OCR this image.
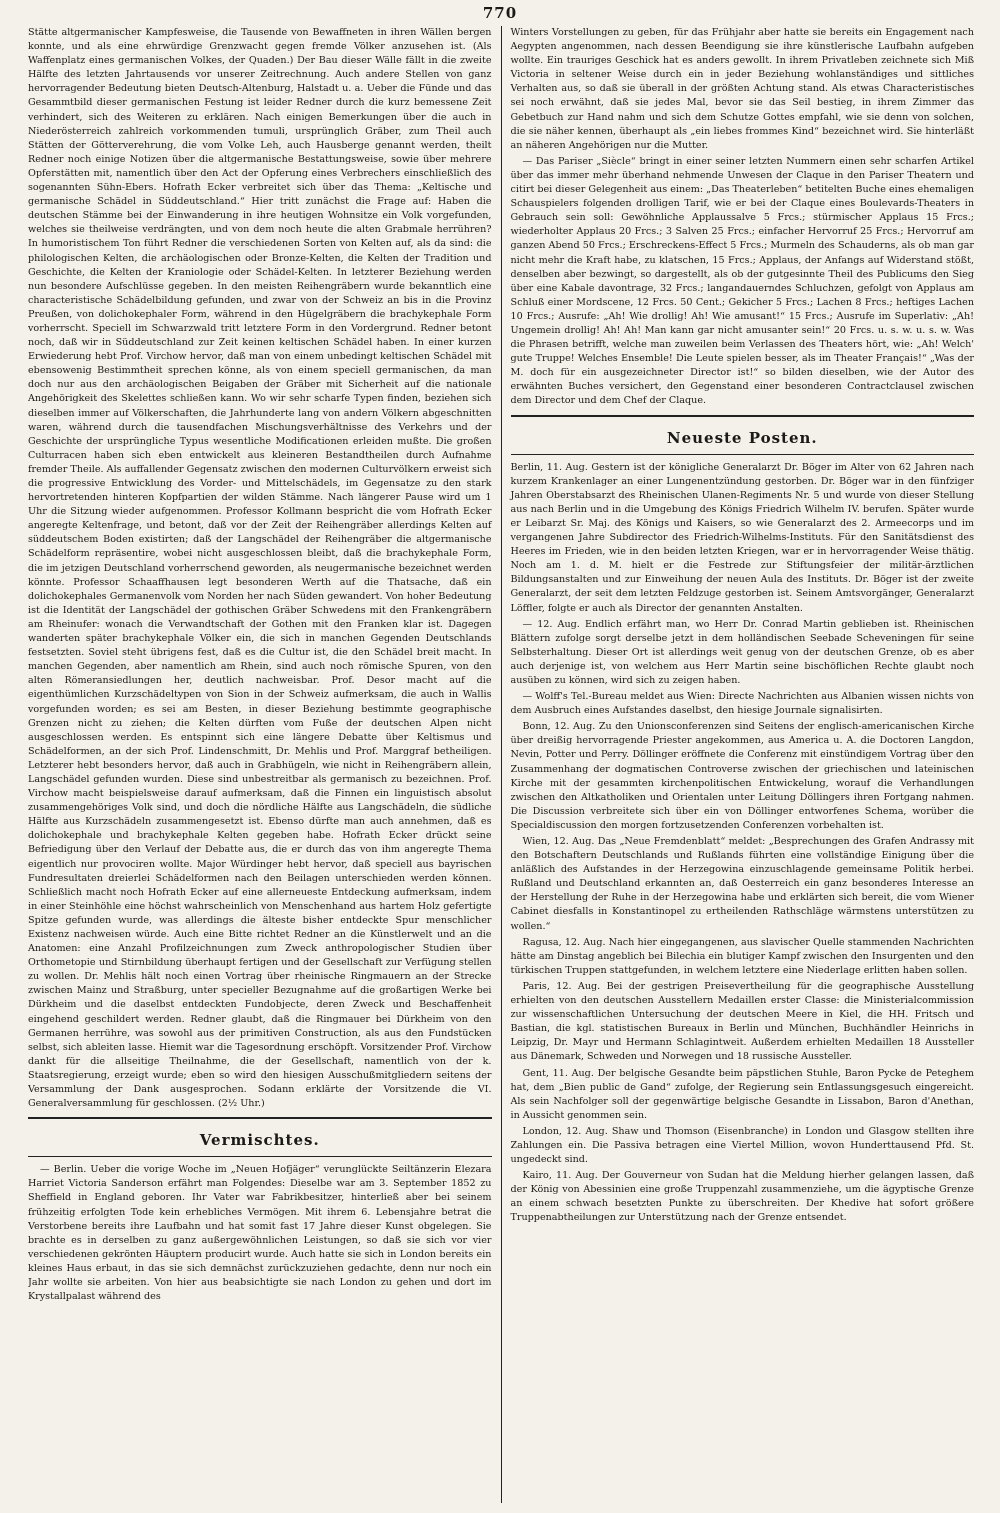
770

Stätte altgermanischer Kampfesweise, die Tausende von Bewaffneten in ihren Wällen bergen konnte, und als eine ehrwürdige Grenzwacht gegen fremde Völker anzusehen ist. (Als Waffenplatz eines germanischen Volkes, der Quaden.) Der Bau dieser Wälle fällt in die zweite Hälfte des letzten Jahrtausends vor unserer Zeitrechnung. Auch andere Stellen von ganz hervorragender Bedeutung bieten Deutsch-Altenburg, Halstadt u. a. Ueber die Fünde und das Gesammtbild dieser germanischen Festung ist leider Redner durch die kurz bemessene Zeit verhindert, sich des Weiteren zu erklären. Nach einigen Bemerkungen über die auch in Niederösterreich zahlreich vorkommenden tumuli, ursprünglich Gräber, zum Theil auch Stätten der Götterverehrung, die vom Volke Leh, auch Hausberge genannt werden, theilt Redner noch einige Notizen über die altgermanische Bestattungsweise, sowie über mehrere Opferstätten mit, namentlich über den Act der Opferung eines Verbrechers einschließlich des sogenannten Sühn-Ebers. Hofrath Ecker verbreitet sich über das Thema: „Keltische und germanische Schädel in Süddeutschland.“ Hier tritt zunächst die Frage auf: Haben die deutschen Stämme bei der Einwanderung in ihre heutigen Wohnsitze ein Volk vorgefunden, welches sie theilweise verdrängten, und von dem noch heute die alten Grabmale herrühren? In humoristischem Ton führt Redner die verschiedenen Sorten von Kelten auf, als da sind: die philologischen Kelten, die archäologischen oder Bronze-Kelten, die Kelten der Tradition und Geschichte, die Kelten der Kraniologie oder Schädel-Kelten. In letzterer Beziehung werden nun besondere Aufschlüsse gegeben. In den meisten Reihengräbern wurde bekanntlich eine characteristische Schädelbildung gefunden, und zwar von der Schweiz an bis in die Provinz Preußen, von dolichokephaler Form, während in den Hügelgräbern die brachykephale Form vorherrscht. Speciell im Schwarzwald tritt letztere Form in den Vordergrund. Redner betont noch, daß wir in Süddeutschland zur Zeit keinen keltischen Schädel haben. In einer kurzen Erwiederung hebt Prof. Virchow hervor, daß man von einem unbedingt keltischen Schädel mit ebensowenig Bestimmtheit sprechen könne, als von einem speciell germanischen, da man doch nur aus den archäologischen Beigaben der Gräber mit Sicherheit auf die nationale Angehörigkeit des Skelettes schließen kann. Wo wir sehr scharfe Typen finden, beziehen sich dieselben immer auf Völkerschaften, die Jahrhunderte lang von andern Völkern abgeschnitten waren, während durch die tausendfachen Mischungsverhältnisse des Verkehrs und der Geschichte der ursprüngliche Typus wesentliche Modificationen erleiden mußte. Die großen Culturracen haben sich eben entwickelt aus kleineren Bestandtheilen durch Aufnahme fremder Theile. Als auffallender Gegensatz zwischen den modernen Culturvölkern erweist sich die progressive Entwicklung des Vorder- und Mittelschädels, im Gegensatze zu den stark hervortretenden hinteren Kopfpartien der wilden Stämme. Nach längerer Pause wird um 1 Uhr die Sitzung wieder aufgenommen. Professor Kollmann bespricht die vom Hofrath Ecker angeregte Keltenfrage, und betont, daß vor der Zeit der Reihengräber allerdings Kelten auf süddeutschem Boden existirten; daß der Langschädel der Reihengräber die altgermanische Schädelform repräsentire, wobei nicht ausgeschlossen bleibt, daß die brachykephale Form, die im jetzigen Deutschland vorherrschend geworden, als neugermanische bezeichnet werden könnte. Professor Schaaffhausen legt besonderen Werth auf die Thatsache, daß ein dolichokephales Germanenvolk vom Norden her nach Süden gewandert. Von hoher Bedeutung ist die Identität der Langschädel der gothischen Gräber Schwedens mit den Frankengräbern am Rheinufer: wonach die Verwandtschaft der Gothen mit den Franken klar ist. Dagegen wanderten später brachykephale Völker ein, die sich in manchen Gegenden Deutschlands festsetzten. Soviel steht übrigens fest, daß es die Cultur ist, die den Schädel breit macht. In manchen Gegenden, aber namentlich am Rhein, sind auch noch römische Spuren, von den alten Römeransiedlungen her, deutlich nachweisbar. Prof. Desor macht auf die eigenthümlichen Kurzschädeltypen von Sion in der Schweiz aufmerksam, die auch in Wallis vorgefunden worden; es sei am Besten, in dieser Beziehung bestimmte geographische Grenzen nicht zu ziehen; die Kelten dürften vom Fuße der deutschen Alpen nicht ausgeschlossen werden. Es entspinnt sich eine längere Debatte über Keltismus und Schädelformen, an der sich Prof. Lindenschmitt, Dr. Mehlis und Prof. Marggraf betheiligen. Letzterer hebt besonders hervor, daß auch in Grabhügeln, wie nicht in Reihengräbern allein, Langschädel gefunden wurden. Diese sind unbestreitbar als germanisch zu bezeichnen. Prof. Virchow macht beispielsweise darauf aufmerksam, daß die Finnen ein linguistisch absolut zusammengehöriges Volk sind, und doch die nördliche Hälfte aus Langschädeln, die südliche Hälfte aus Kurzschädeln zusammengesetzt ist. Ebenso dürfte man auch annehmen, daß es dolichokephale und brachykephale Kelten gegeben habe. Hofrath Ecker drückt seine Befriedigung über den Verlauf der Debatte aus, die er durch das von ihm angeregte Thema eigentlich nur provociren wollte. Major Würdinger hebt hervor, daß speciell aus bayrischen Fundresultaten dreierlei Schädelformen nach den Beilagen unterschieden werden können. Schließlich macht noch Hofrath Ecker auf eine allerneueste Entdeckung aufmerksam, indem in einer Steinhöhle eine höchst wahrscheinlich von Menschenhand aus hartem Holz gefertigte Spitze gefunden wurde, was allerdings die älteste bisher entdeckte Spur menschlicher Existenz nachweisen würde. Auch eine Bitte richtet Redner an die Künstlerwelt und an die Anatomen: eine Anzahl Profilzeichnungen zum Zweck anthropologischer Studien über Orthometopie und Stirnbildung überhaupt fertigen und der Gesellschaft zur Verfügung stellen zu wollen. Dr. Mehlis hält noch einen Vortrag über rheinische Ringmauern an der Strecke zwischen Mainz und Straßburg, unter specieller Bezugnahme auf die großartigen Werke bei Dürkheim und die daselbst entdeckten Fundobjecte, deren Zweck und Beschaffenheit eingehend geschildert werden. Redner glaubt, daß die Ringmauer bei Dürkheim von den Germanen herrühre, was sowohl aus der primitiven Construction, als aus den Fundstücken selbst, sich ableiten lasse. Hiemit war die Tagesordnung erschöpft. Vorsitzender Prof. Virchow dankt für die allseitige Theilnahme, die der Gesellschaft, namentlich von der k. Staatsregierung, erzeigt wurde; eben so wird den hiesigen Ausschußmitgliedern seitens der Versammlung der Dank ausgesprochen. Sodann erklärte der Vorsitzende die VI. Generalversammlung für geschlossen. (2½ Uhr.)

Vermischtes.

— Berlin. Ueber die vorige Woche im „Neuen Hofjäger“ verunglückte Seiltänzerin Elezara Harriet Victoria Sanderson erfährt man Folgendes: Dieselbe war am 3. September 1852 zu Sheffield in England geboren. Ihr Vater war Fabrikbesitzer, hinterließ aber bei seinem frühzeitig erfolgten Tode kein erhebliches Vermögen. Mit ihrem 6. Lebensjahre betrat die Verstorbene bereits ihre Laufbahn und hat somit fast 17 Jahre dieser Kunst obgelegen. Sie brachte es in derselben zu ganz außergewöhnlichen Leistungen, so daß sie sich vor vier verschiedenen gekrönten Häuptern producirt wurde. Auch hatte sie sich in London bereits ein kleines Haus erbaut, in das sie sich demnächst zurückzuziehen gedachte, denn nur noch ein Jahr wollte sie arbeiten. Von hier aus beabsichtigte sie nach London zu gehen und dort im Krystallpalast während des

Winters Vorstellungen zu geben, für das Frühjahr aber hatte sie bereits ein Engagement nach Aegypten angenommen, nach dessen Beendigung sie ihre künstlerische Laufbahn aufgeben wollte. Ein trauriges Geschick hat es anders gewollt. In ihrem Privatleben zeichnete sich Miß Victoria in seltener Weise durch ein in jeder Beziehung wohlanständiges und sittliches Verhalten aus, so daß sie überall in der größten Achtung stand. Als etwas Characteristisches sei noch erwähnt, daß sie jedes Mal, bevor sie das Seil bestieg, in ihrem Zimmer das Gebetbuch zur Hand nahm und sich dem Schutze Gottes empfahl, wie sie denn von solchen, die sie näher kennen, überhaupt als „ein liebes frommes Kind“ bezeichnet wird. Sie hinterläßt an näheren Angehörigen nur die Mutter.

— Das Pariser „Siècle“ bringt in einer seiner letzten Nummern einen sehr scharfen Artikel über das immer mehr überhand nehmende Unwesen der Claque in den Pariser Theatern und citirt bei dieser Gelegenheit aus einem: „Das Theaterleben“ betitelten Buche eines ehemaligen Schauspielers folgenden drolligen Tarif, wie er bei der Claque eines Boulevards-Theaters in Gebrauch sein soll: Gewöhnliche Applaussalve 5 Frcs.; stürmischer Applaus 15 Frcs.; wiederholter Applaus 20 Frcs.; 3 Salven 25 Frcs.; einfacher Hervorruf 25 Frcs.; Hervorruf am ganzen Abend 50 Frcs.; Erschreckens-Effect 5 Frcs.; Murmeln des Schauderns, als ob man gar nicht mehr die Kraft habe, zu klatschen, 15 Frcs.; Applaus, der Anfangs auf Widerstand stößt, denselben aber bezwingt, so dargestellt, als ob der gutgesinnte Theil des Publicums den Sieg über eine Kabale davontrage, 32 Frcs.; langandauerndes Schluchzen, gefolgt von Applaus am Schluß einer Mordscene, 12 Frcs. 50 Cent.; Gekicher 5 Frcs.; Lachen 8 Frcs.; heftiges Lachen 10 Frcs.; Ausrufe: „Ah! Wie drollig! Ah! Wie amusant!“ 15 Frcs.; Ausrufe im Superlativ: „Ah! Ungemein drollig! Ah! Ah! Man kann gar nicht amusanter sein!“ 20 Frcs. u. s. w. u. s. w. Was die Phrasen betrifft, welche man zuweilen beim Verlassen des Theaters hört, wie: „Ah! Welch' gute Truppe! Welches Ensemble! Die Leute spielen besser, als im Theater Français!“ „Was der M. doch für ein ausgezeichneter Director ist!“ so bilden dieselben, wie der Autor des erwähnten Buches versichert, den Gegenstand einer besonderen Contractclausel zwischen dem Director und dem Chef der Claque.

Neueste Posten.

Berlin, 11. Aug. Gestern ist der königliche Generalarzt Dr. Böger im Alter von 62 Jahren nach kurzem Krankenlager an einer Lungenentzündung gestorben. Dr. Böger war in den fünfziger Jahren Oberstabsarzt des Rheinischen Ulanen-Regiments Nr. 5 und wurde von dieser Stellung aus nach Berlin und in die Umgebung des Königs Friedrich Wilhelm IV. berufen. Später wurde er Leibarzt Sr. Maj. des Königs und Kaisers, so wie Generalarzt des 2. Armeecorps und im vergangenen Jahre Subdirector des Friedrich-Wilhelms-Instituts. Für den Sanitätsdienst des Heeres im Frieden, wie in den beiden letzten Kriegen, war er in hervorragender Weise thätig. Noch am 1. d. M. hielt er die Festrede zur Stiftungsfeier der militär-ärztlichen Bildungsanstalten und zur Einweihung der neuen Aula des Instituts. Dr. Böger ist der zweite Generalarzt, der seit dem letzten Feldzuge gestorben ist. Seinem Amtsvorgänger, Generalarzt Löffler, folgte er auch als Director der genannten Anstalten.

— 12. Aug. Endlich erfährt man, wo Herr Dr. Conrad Martin geblieben ist. Rheinischen Blättern zufolge sorgt derselbe jetzt in dem holländischen Seebade Scheveningen für seine Selbsterhaltung. Dieser Ort ist allerdings weit genug von der deutschen Grenze, ob es aber auch derjenige ist, von welchem aus Herr Martin seine bischöflichen Rechte glaubt noch ausüben zu können, wird sich zu zeigen haben.

— Wolff's Tel.-Bureau meldet aus Wien: Directe Nachrichten aus Albanien wissen nichts von dem Ausbruch eines Aufstandes daselbst, den hiesige Journale signalisirten.

Bonn, 12. Aug. Zu den Unionsconferenzen sind Seitens der englisch-americanischen Kirche über dreißig hervorragende Priester angekommen, aus America u. A. die Doctoren Langdon, Nevin, Potter und Perry. Döllinger eröffnete die Conferenz mit einstündigem Vortrag über den Zusammenhang der dogmatischen Controverse zwischen der griechischen und lateinischen Kirche mit der gesammten kirchenpolitischen Entwickelung, worauf die Verhandlungen zwischen den Altkatholiken und Orientalen unter Leitung Döllingers ihren Fortgang nahmen. Die Discussion verbreitete sich über ein von Döllinger entworfenes Schema, worüber die Specialdiscussion den morgen fortzusetzenden Conferenzen vorbehalten ist.

Wien, 12. Aug. Das „Neue Fremdenblatt“ meldet: „Besprechungen des Grafen Andrassy mit den Botschaftern Deutschlands und Rußlands führten eine vollständige Einigung über die anläßlich des Aufstandes in der Herzegowina einzuschlagende gemeinsame Politik herbei. Rußland und Deutschland erkannten an, daß Oesterreich ein ganz besonderes Interesse an der Herstellung der Ruhe in der Herzegowina habe und erklärten sich bereit, die vom Wiener Cabinet diesfalls in Konstantinopel zu ertheilenden Rathschläge wärmstens unterstützen zu wollen.“

Ragusa, 12. Aug. Nach hier eingegangenen, aus slavischer Quelle stammenden Nachrichten hätte am Dinstag angeblich bei Bilechia ein blutiger Kampf zwischen den Insurgenten und den türkischen Truppen stattgefunden, in welchem letztere eine Niederlage erlitten haben sollen.

Paris, 12. Aug. Bei der gestrigen Preisevertheilung für die geographische Ausstellung erhielten von den deutschen Ausstellern Medaillen erster Classe: die Ministerialcommission zur wissenschaftlichen Untersuchung der deutschen Meere in Kiel, die HH. Fritsch und Bastian, die kgl. statistischen Bureaux in Berlin und München, Buchhändler Heinrichs in Leipzig, Dr. Mayr und Hermann Schlagintweit. Außerdem erhielten Medaillen 18 Aussteller aus Dänemark, Schweden und Norwegen und 18 russische Aussteller.

Gent, 11. Aug. Der belgische Gesandte beim päpstlichen Stuhle, Baron Pycke de Peteghem hat, dem „Bien public de Gand“ zufolge, der Regierung sein Entlassungsgesuch eingereicht. Als sein Nachfolger soll der gegenwärtige belgische Gesandte in Lissabon, Baron d'Anethan, in Aussicht genommen sein.

London, 12. Aug. Shaw und Thomson (Eisenbranche) in London und Glasgow stellten ihre Zahlungen ein. Die Passiva betragen eine Viertel Million, wovon Hunderttausend Pfd. St. ungedeckt sind.

Kairo, 11. Aug. Der Gouverneur von Sudan hat die Meldung hierher gelangen lassen, daß der König von Abessinien eine große Truppenzahl zusammenziehe, um die ägyptische Grenze an einem schwach besetzten Punkte zu überschreiten. Der Khedive hat sofort größere Truppenabtheilungen zur Unterstützung nach der Grenze entsendet.
